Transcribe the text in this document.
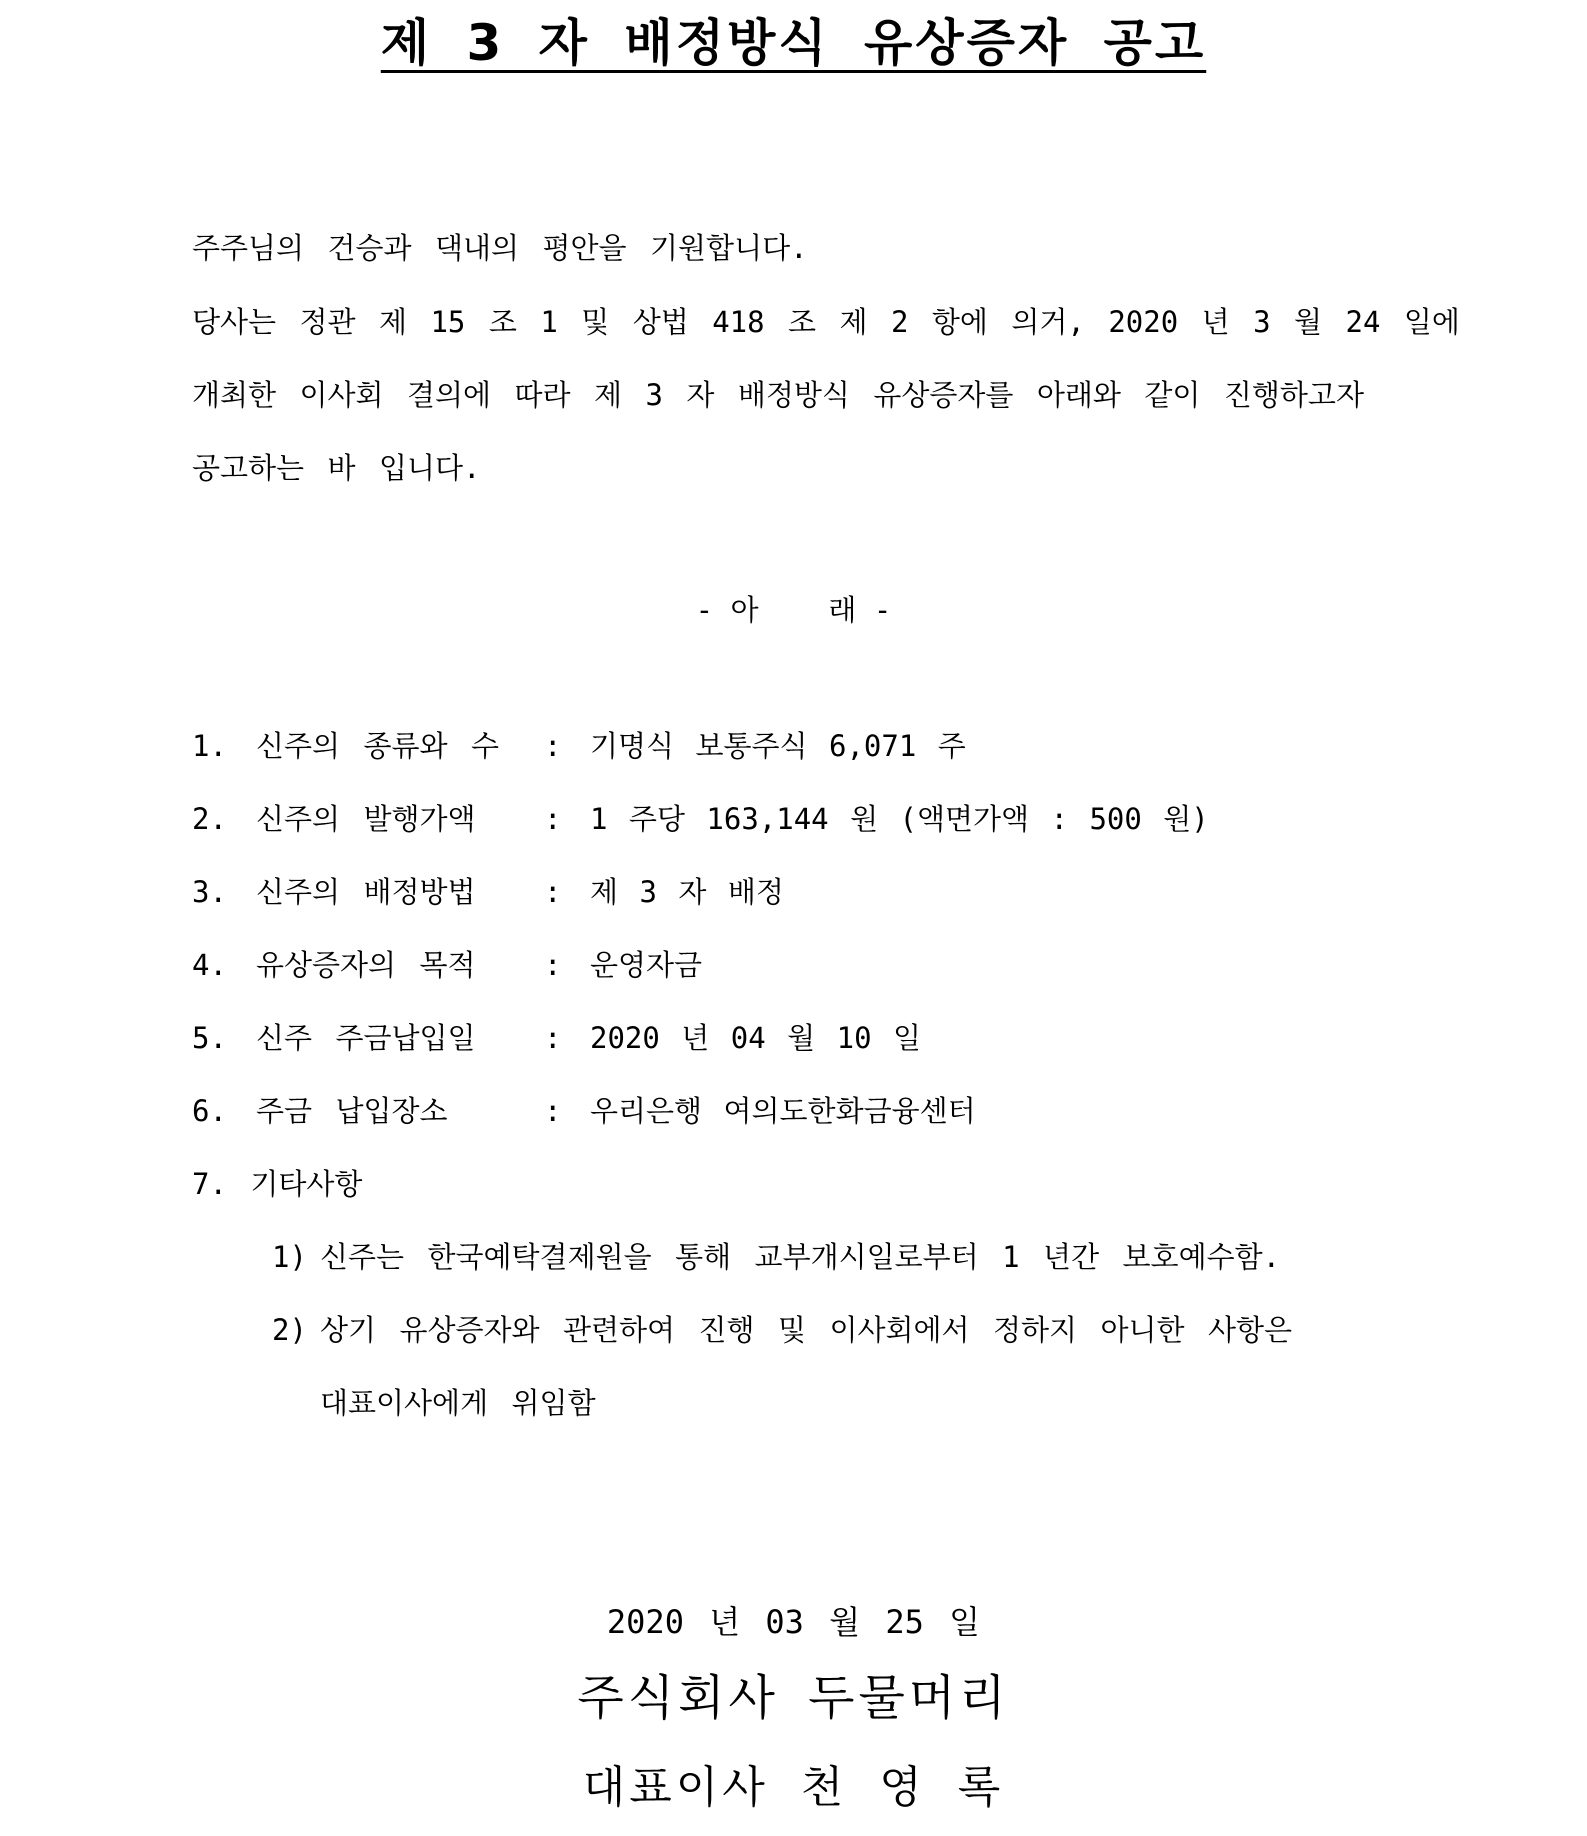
제 3 자 배정방식 유상증자 공고
주주님의 건승과 댁내의 평안을 기원합니다.
당사는 정관 제 15 조 1 및 상법 418 조 제 2 항에 의거, 2020 년 3 월 24 일에
개최한 이사회 결의에 따라 제 3 자 배정방식 유상증자를 아래와 같이 진행하고자
공고하는 바 입니다.
- 아    래 -
1. 신주의 종류와 수 : 기명식 보통주식 6,071 주
2. 신주의 발행가액 : 1 주당 163,144 원 (액면가액 : 500 원)
3. 신주의 배정방법 : 제 3 자 배정
4. 유상증자의 목적 : 운영자금
5. 신주 주금납입일 : 2020 년 04 월 10 일
6. 주금 납입장소	: 우리은행 여의도한화금융센터
7. 기타사항
1) 신주는 한국예탁결제원을 통해 교부개시일로부터 1 년간 보호예수함.
2) 상기 유상증자와 관련하여 진행 및 이사회에서 정하지 아니한 사항은
대표이사에게 위임함
2020 년 03 월 25 일
주식회사 두물머리
대표이사 천 영 록
